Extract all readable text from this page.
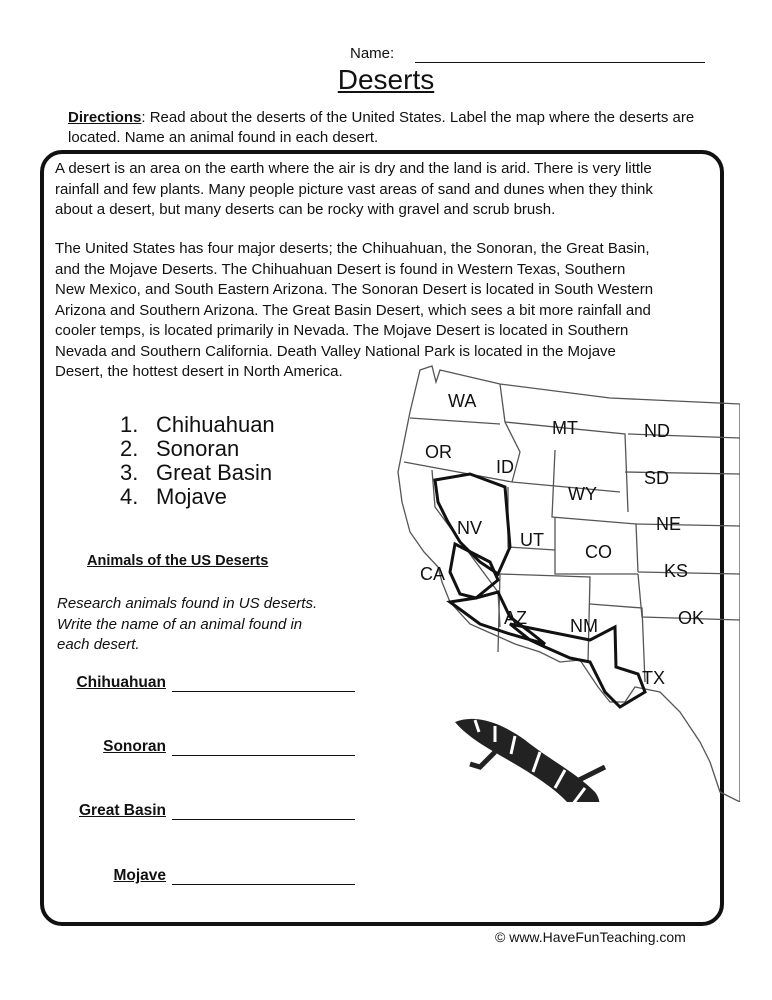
Name:
Deserts
Directions: Read about the deserts of the United States. Label the map where the deserts are located. Name an animal found in each desert.
A desert is an area on the earth where the air is dry and the land is arid. There is very little
rainfall and few plants. Many people picture vast areas of sand and dunes when they think
about a desert, but many deserts can be rocky with gravel and scrub brush.
The United States has four major deserts; the Chihuahuan, the Sonoran, the Great Basin,
and the Mojave Deserts. The Chihuahuan Desert is found in Western Texas, Southern
New Mexico, and South Eastern Arizona. The Sonoran Desert is located in South Western
Arizona and Southern Arizona. The Great Basin Desert, which sees a bit more rainfall and
cooler temps, is located primarily in Nevada. The Mojave Desert is located in Southern
Nevada and Southern California. Death Valley National Park is located in the Mojave
Desert, the hottest desert in North America.
WA
OR
ID
MT	ND
SD
WY
NE
NV
UT
CO
KS
CA
AZ NM	OK
TX
1. Chihuahuan
2. Sonoran
3. Great Basin
4. Mojave
Animals of the US Deserts
Research animals found in US deserts.
Write the name of an animal found in
each desert.
Chihuahuan
Sonoran
Great Basin
Mojave
© www.HaveFunTeaching.com
